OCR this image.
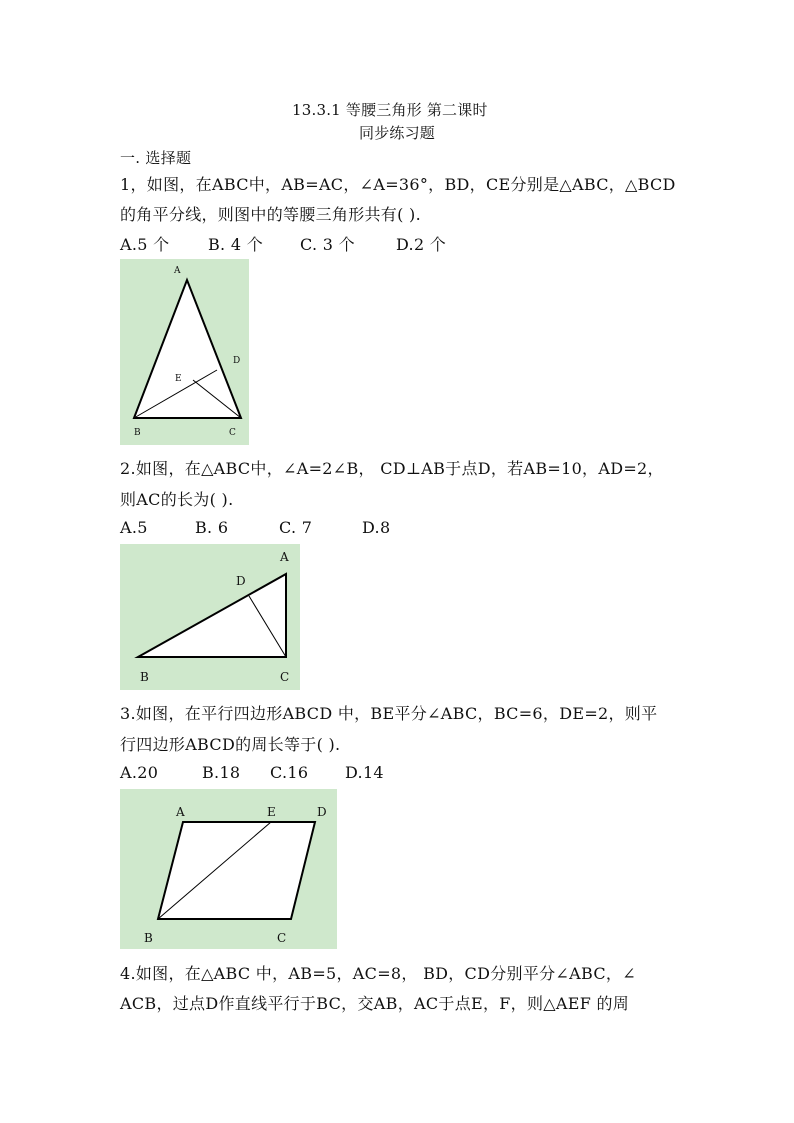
13.3.1 等腰三角形 第二课时
同步练习题
一. 选择题
1，如图，在ABC中，AB=AC，∠A=36°，BD，CE分别是△ABC，△BCD
的角平分线，则图中的等腰三角形共有( ).
A.5 个 B. 4 个 C. 3 个	D.2 个
A
D
E
B	C
2.如图，在△ABC中，∠A=2∠B， CD⊥AB于点D，若AB=10，AD=2，
则AC的长为( ).
A.5	B. 6	C. 7	D.8
A
D
B	C
3.如图，在平行四边形ABCD 中，BE平分∠ABC，BC=6，DE=2，则平
行四边形ABCD的周长等于( ).
A.20	B.18 C.16 D.14
A	E	D
B	C
4.如图，在△ABC 中，AB=5，AC=8， BD，CD分别平分∠ABC，∠
ACB，过点D作直线平行于BC，交AB，AC于点E，F，则△AEF 的周
